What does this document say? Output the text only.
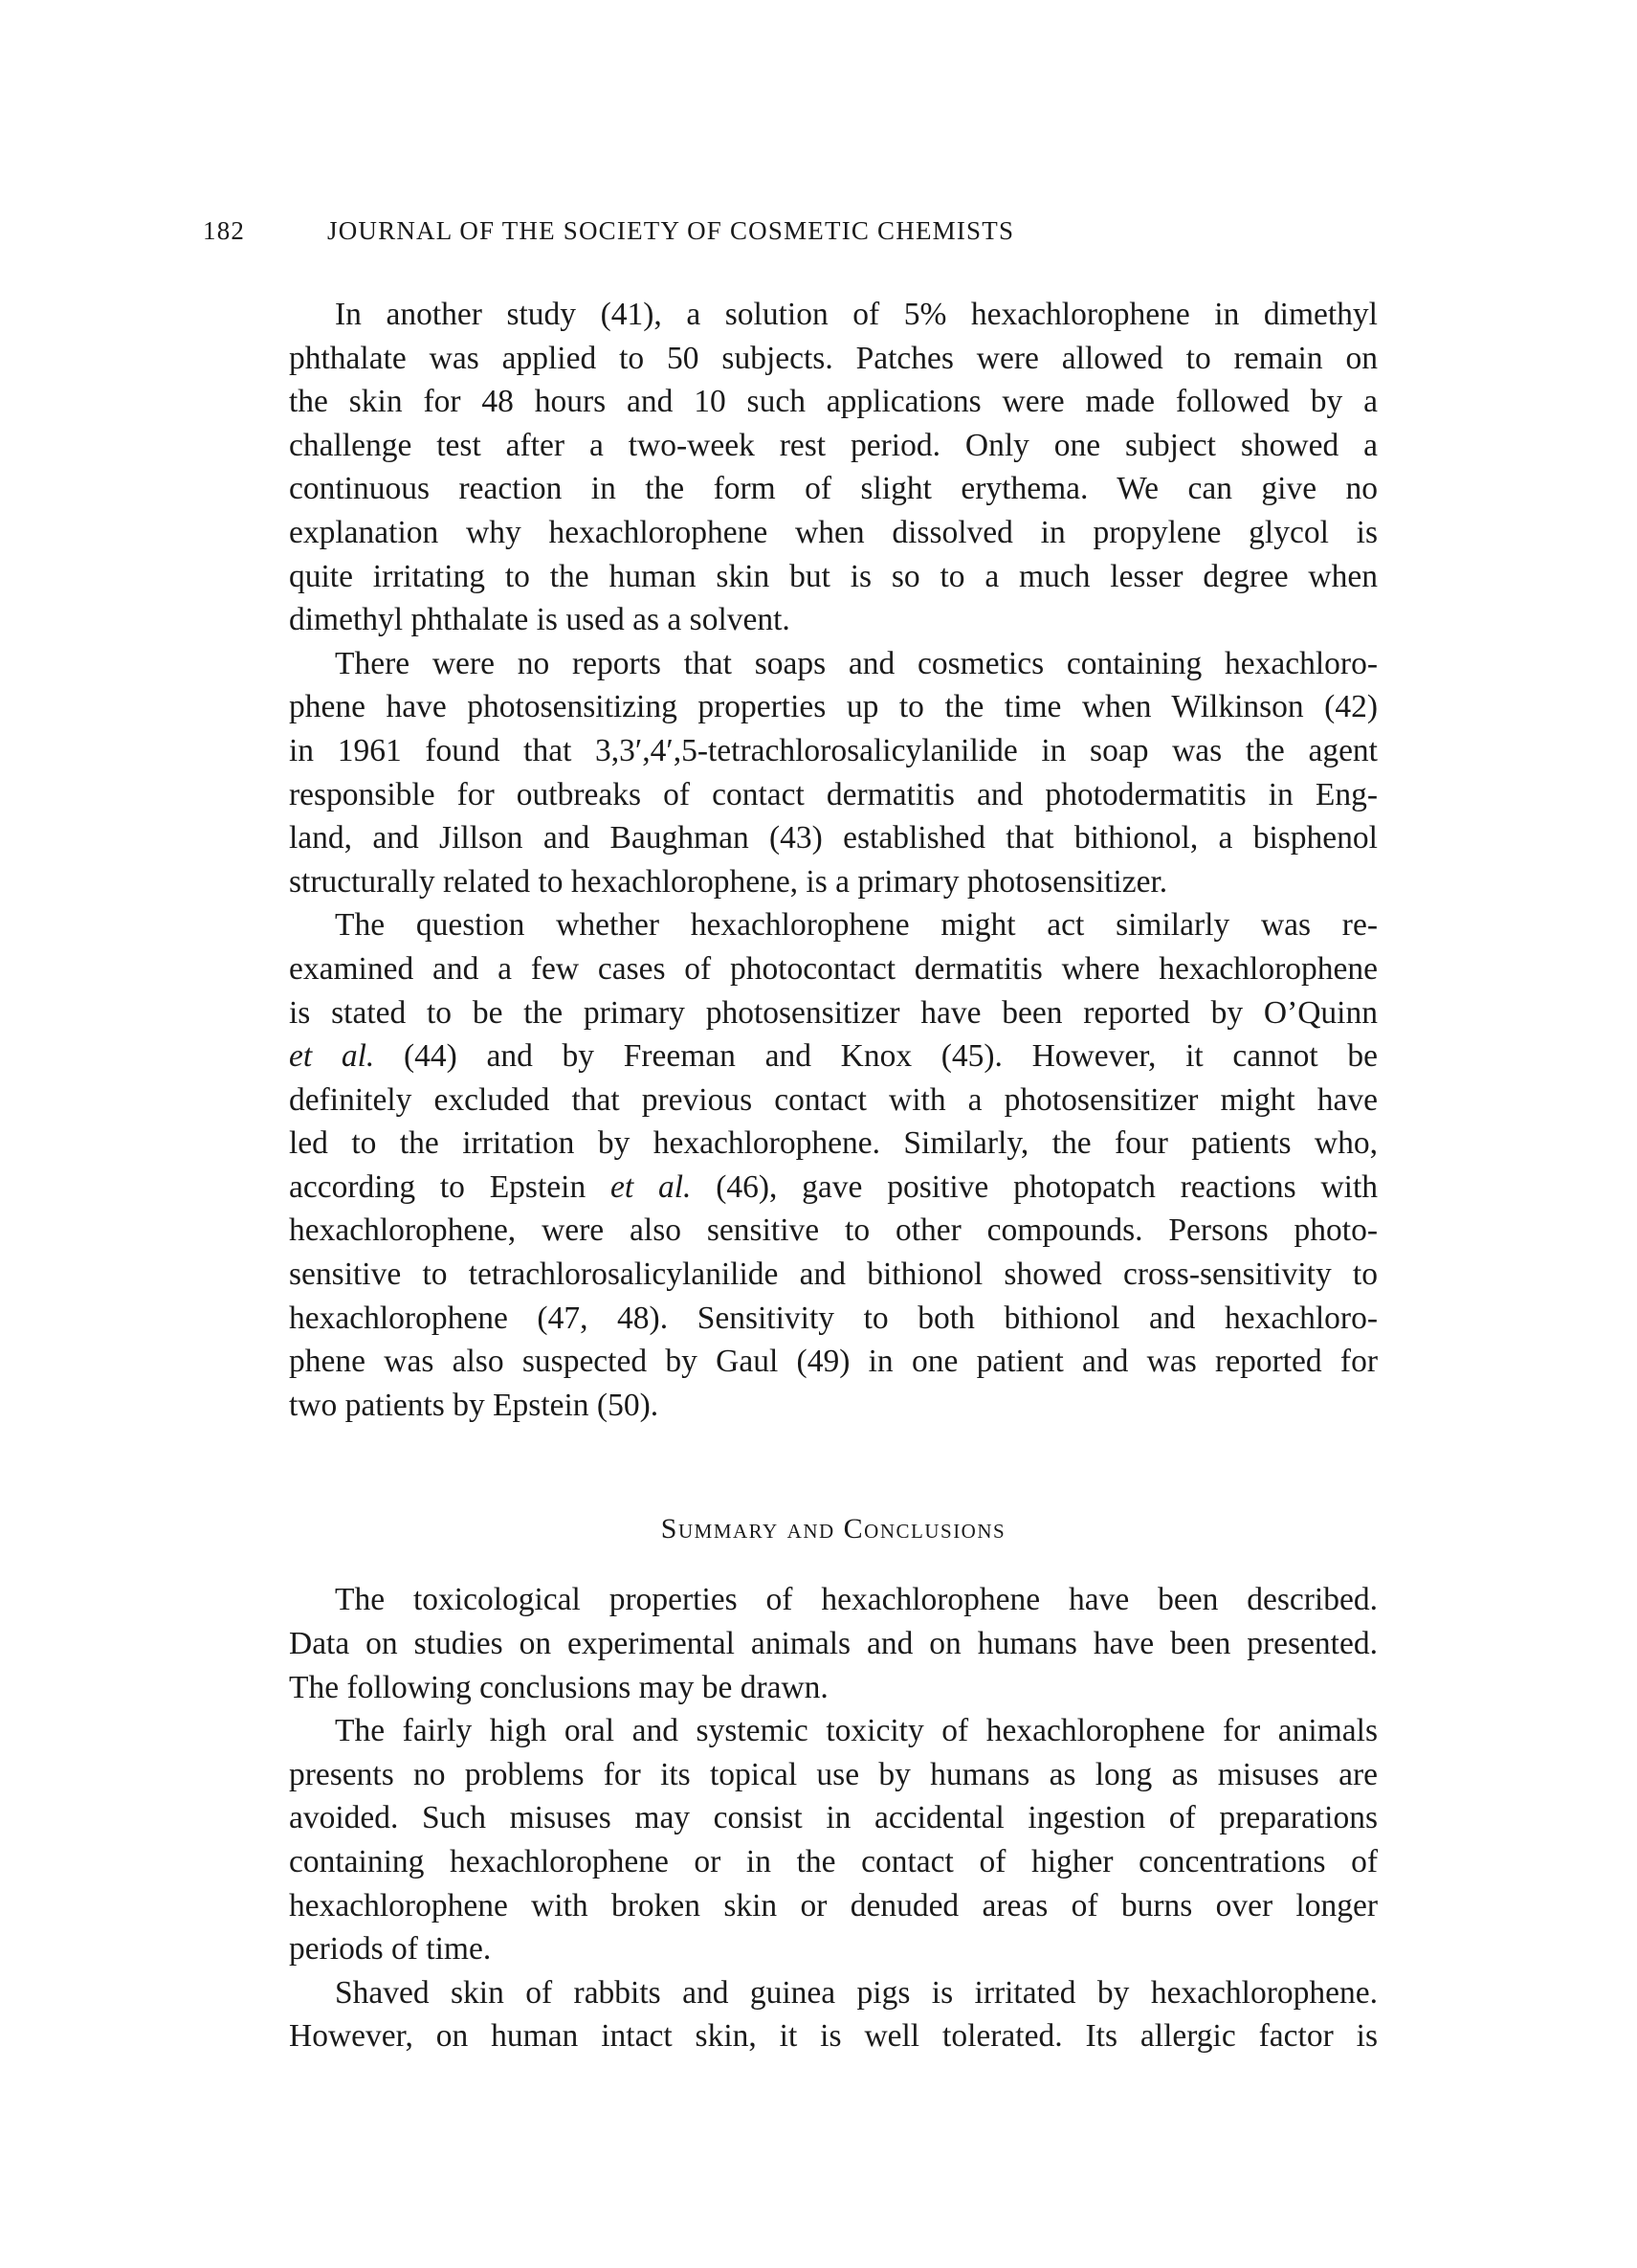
182	JOURNAL OF THE SOCIETY OF COSMETIC CHEMISTS

In another study (41), a solution of 5% hexachlorophene in dimethyl
phthalate was applied to 50 subjects. Patches were allowed to remain on
the skin for 48 hours and 10 such applications were made followed by a
challenge test after a two-week rest period. Only one subject showed a
continuous reaction in the form of slight erythema. We can give no
explanation why hexachlorophene when dissolved in propylene glycol is
quite irritating to the human skin but is so to a much lesser degree when
dimethyl phthalate is used as a solvent.

There were no reports that soaps and cosmetics containing hexachloro-
phene have photosensitizing properties up to the time when Wilkinson (42)
in 1961 found that 3,3′,4′,5-tetrachlorosalicylanilide in soap was the agent
responsible for outbreaks of contact dermatitis and photodermatitis in Eng-
land, and Jillson and Baughman (43) established that bithionol, a bisphenol
structurally related to hexachlorophene, is a primary photosensitizer.

The question whether hexachlorophene might act similarly was re-
examined and a few cases of photocontact dermatitis where hexachlorophene
is stated to be the primary photosensitizer have been reported by O’Quinn
et al. (44) and by Freeman and Knox (45). However, it cannot be
definitely excluded that previous contact with a photosensitizer might have
led to the irritation by hexachlorophene. Similarly, the four patients who,
according to Epstein et al. (46), gave positive photopatch reactions with
hexachlorophene, were also sensitive to other compounds. Persons photo-
sensitive to tetrachlorosalicylanilide and bithionol showed cross-sensitivity to
hexachlorophene (47, 48). Sensitivity to both bithionol and hexachloro-
phene was also suspected by Gaul (49) in one patient and was reported for
two patients by Epstein (50).

Summary and Conclusions

The toxicological properties of hexachlorophene have been described.
Data on studies on experimental animals and on humans have been presented.
The following conclusions may be drawn.

The fairly high oral and systemic toxicity of hexachlorophene for animals
presents no problems for its topical use by humans as long as misuses are
avoided. Such misuses may consist in accidental ingestion of preparations
containing hexachlorophene or in the contact of higher concentrations of
hexachlorophene with broken skin or denuded areas of burns over longer
periods of time.

Shaved skin of rabbits and guinea pigs is irritated by hexachlorophene.
However, on human intact skin, it is well tolerated. Its allergic factor is
